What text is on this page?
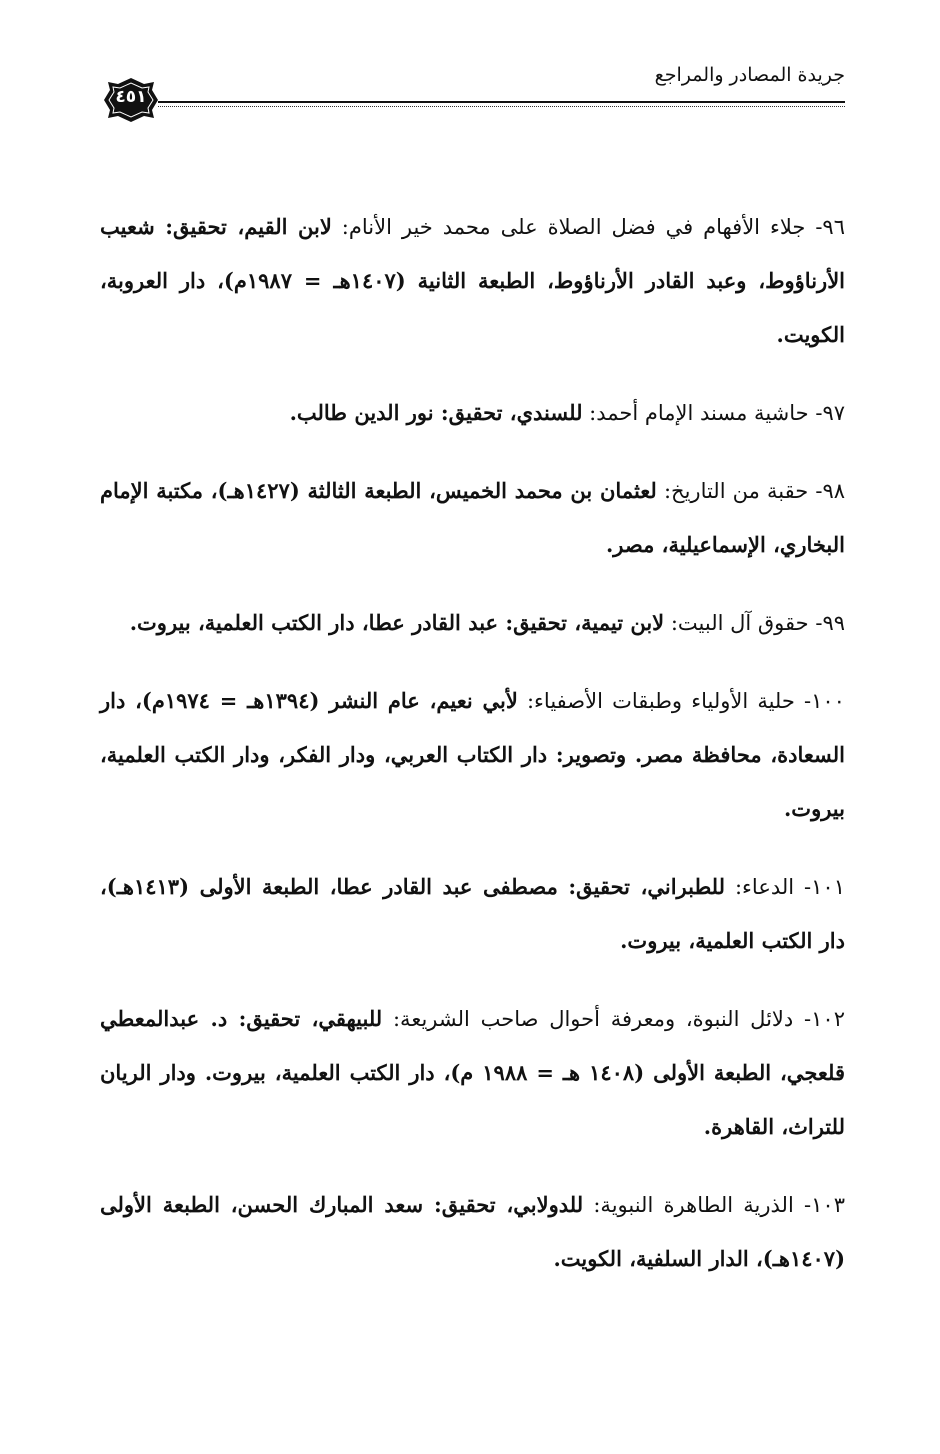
جريدة المصادر والمراجع
٤٥١

٩٦- جلاء الأفهام في فضل الصلاة على محمد خير الأنام: لابن القيم، تحقيق: شعيب الأرناؤوط، وعبد القادر الأرناؤوط، الطبعة الثانية (١٤٠٧هـ = ١٩٨٧م)، دار العروبة، الكويت.

٩٧- حاشية مسند الإمام أحمد: للسندي، تحقيق: نور الدين طالب.

٩٨- حقبة من التاريخ: لعثمان بن محمد الخميس، الطبعة الثالثة (١٤٢٧هـ)، مكتبة الإمام البخاري، الإسماعيلية، مصر.

٩٩- حقوق آل البيت: لابن تيمية، تحقيق: عبد القادر عطا، دار الكتب العلمية، بيروت.

١٠٠- حلية الأولياء وطبقات الأصفياء: لأبي نعيم، عام النشر (١٣٩٤هـ = ١٩٧٤م)، دار السعادة، محافظة مصر. وتصوير: دار الكتاب العربي، ودار الفكر، ودار الكتب العلمية، بيروت.

١٠١- الدعاء: للطبراني، تحقيق: مصطفى عبد القادر عطا، الطبعة الأولى (١٤١٣هـ)، دار الكتب العلمية، بيروت.

١٠٢- دلائل النبوة، ومعرفة أحوال صاحب الشريعة: للبيهقي، تحقيق: د. عبدالمعطي قلعجي، الطبعة الأولى (١٤٠٨ هـ = ١٩٨٨ م)، دار الكتب العلمية، بيروت. ودار الريان للتراث، القاهرة.

١٠٣- الذرية الطاهرة النبوية: للدولابي، تحقيق: سعد المبارك الحسن، الطبعة الأولى (١٤٠٧هـ)، الدار السلفية، الكويت.
